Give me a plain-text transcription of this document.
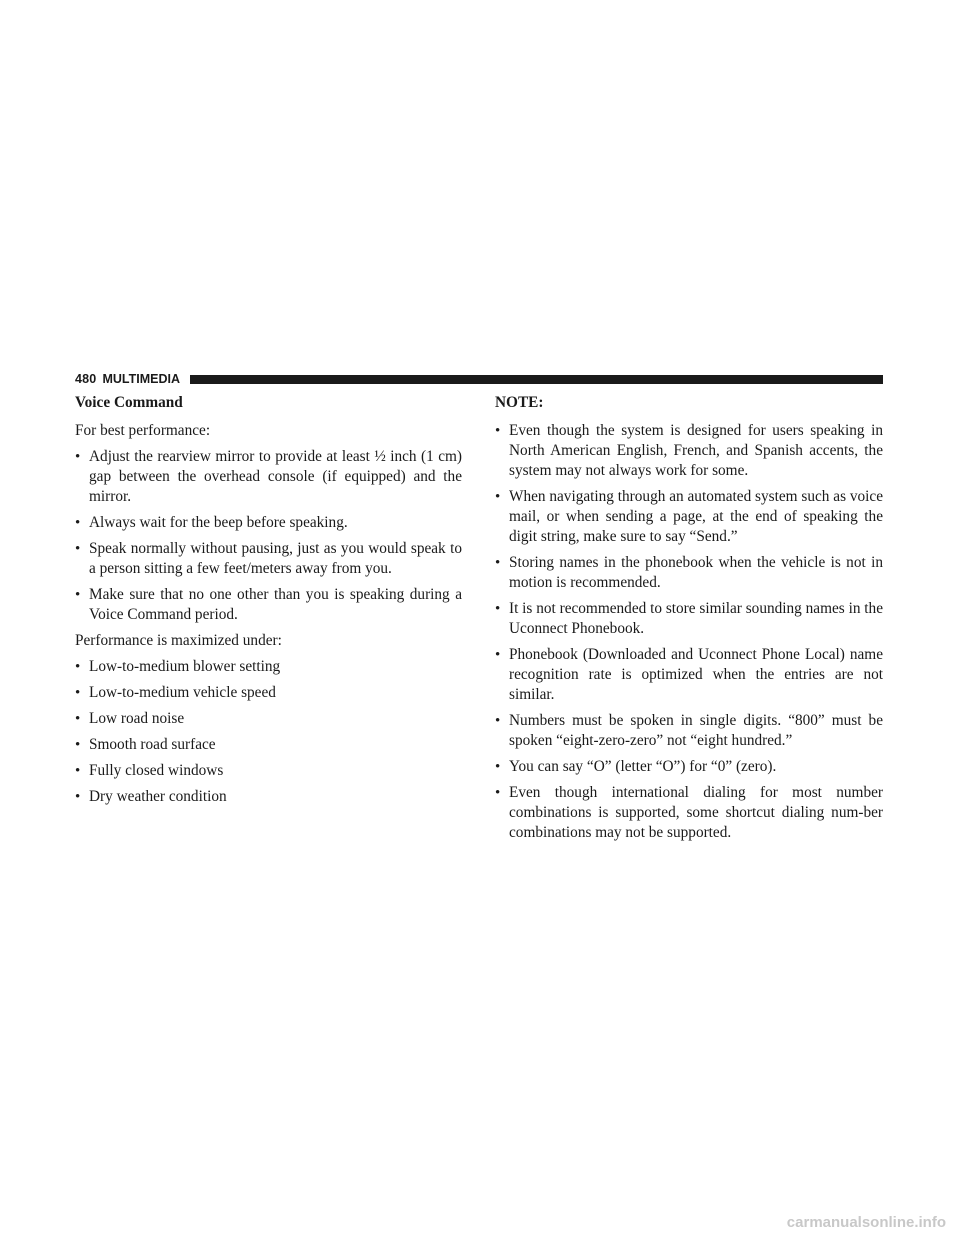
480 MULTIMEDIA
Voice Command
For best performance:
• Adjust the rearview mirror to provide at least ½ inch (1 cm) gap between the overhead console (if equipped) and the mirror.
• Always wait for the beep before speaking.
• Speak normally without pausing, just as you would speak to a person sitting a few feet/meters away from you.
• Make sure that no one other than you is speaking during a Voice Command period.
Performance is maximized under:
• Low-to-medium blower setting
• Low-to-medium vehicle speed
• Low road noise
• Smooth road surface
• Fully closed windows
• Dry weather condition
NOTE:
• Even though the system is designed for users speaking in North American English, French, and Spanish accents, the system may not always work for some.
• When navigating through an automated system such as voice mail, or when sending a page, at the end of speaking the digit string, make sure to say “Send.”
• Storing names in the phonebook when the vehicle is not in motion is recommended.
• It is not recommended to store similar sounding names in the Uconnect Phonebook.
• Phonebook (Downloaded and Uconnect Phone Local) name recognition rate is optimized when the entries are not similar.
• Numbers must be spoken in single digits. “800” must be spoken “eight-zero-zero” not “eight hundred.”
• You can say “O” (letter “O”) for “0” (zero).
• Even though international dialing for most number combinations is supported, some shortcut dialing num-ber combinations may not be supported.
carmanualsonline.info
